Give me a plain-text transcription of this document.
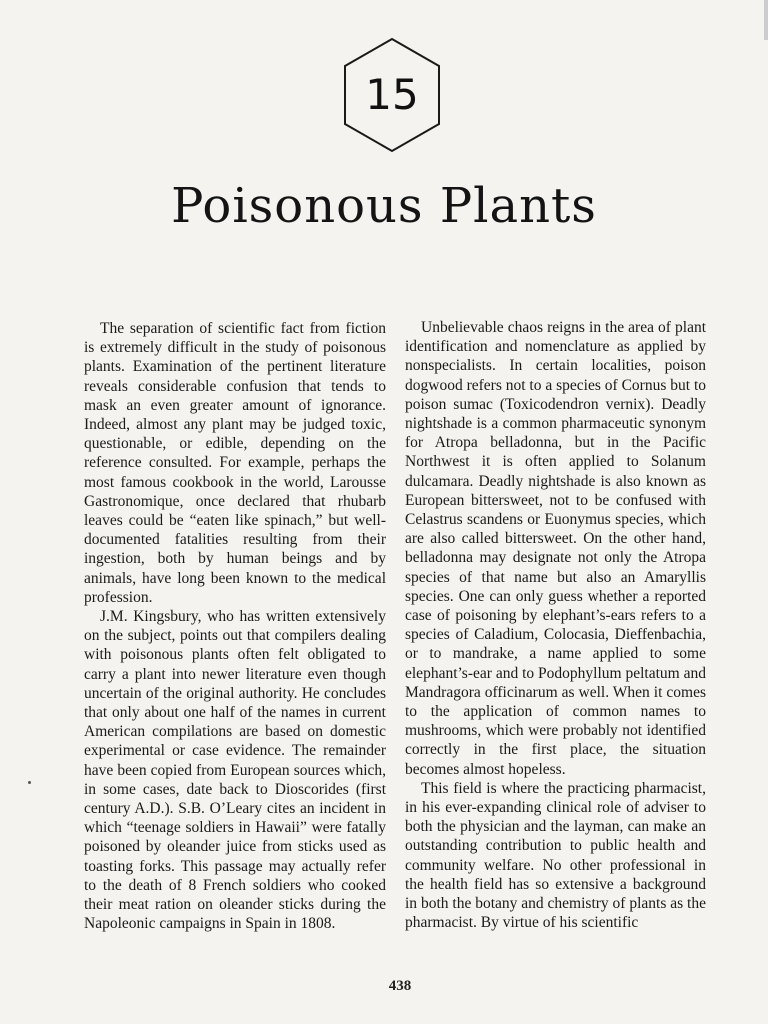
15
Poisonous Plants

The separation of scientific fact from fiction is extremely difficult in the study of poisonous plants. Examination of the pertinent literature reveals considerable confusion that tends to mask an even greater amount of ignorance. Indeed, almost any plant may be judged toxic, questionable, or edible, depending on the reference consulted. For example, perhaps the most famous cookbook in the world, Larousse Gastronomique, once declared that rhubarb leaves could be “eaten like spinach,” but well-documented fatalities resulting from their ingestion, both by human beings and by animals, have long been known to the medical profession.

J.M. Kingsbury, who has written extensively on the subject, points out that compilers dealing with poisonous plants often felt obligated to carry a plant into newer literature even though uncertain of the original authority. He concludes that only about one half of the names in current American compilations are based on domestic experimental or case evidence. The remainder have been copied from European sources which, in some cases, date back to Dioscorides (first century A.D.). S.B. O’Leary cites an incident in which “teenage soldiers in Hawaii” were fatally poisoned by oleander juice from sticks used as toasting forks. This passage may actually refer to the death of 8 French soldiers who cooked their meat ration on oleander sticks during the Napoleonic campaigns in Spain in 1808.

Unbelievable chaos reigns in the area of plant identification and nomenclature as applied by nonspecialists. In certain localities, poison dogwood refers not to a species of Cornus but to poison sumac (Toxicodendron vernix). Deadly nightshade is a common pharmaceutic synonym for Atropa belladonna, but in the Pacific Northwest it is often applied to Solanum dulcamara. Deadly nightshade is also known as European bittersweet, not to be confused with Celastrus scandens or Euonymus species, which are also called bittersweet. On the other hand, belladonna may designate not only the Atropa species of that name but also an Amaryllis species. One can only guess whether a reported case of poisoning by elephant’s-ears refers to a species of Caladium, Colocasia, Dieffenbachia, or to mandrake, a name applied to some elephant’s-ear and to Podophyllum peltatum and Mandragora officinarum as well. When it comes to the application of common names to mushrooms, which were probably not identified correctly in the first place, the situation becomes almost hopeless.

This field is where the practicing pharmacist, in his ever-expanding clinical role of adviser to both the physician and the layman, can make an outstanding contribution to public health and community welfare. No other professional in the health field has so extensive a background in both the botany and chemistry of plants as the pharmacist. By virtue of his scientific

438
